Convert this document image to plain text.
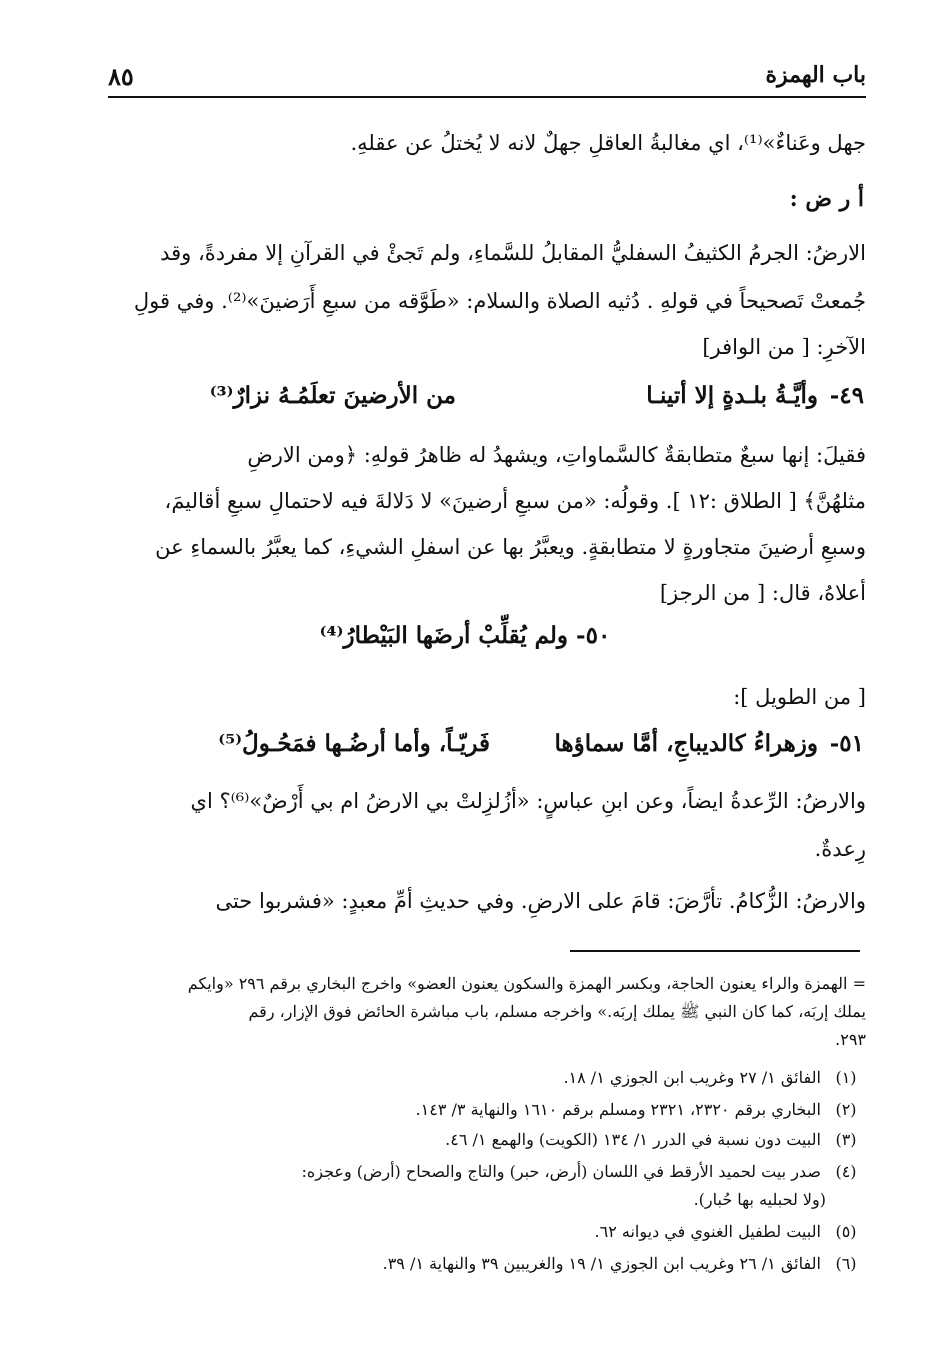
باب الهمزة
٨٥
جهل وعَناءٌ»⁽¹⁾، اي مغالبةُ العاقلِ جهلٌ لانه لا يُختلُ عن عقلهِ.
أ ر ض :
الارضُ: الجرمُ الكثيفُ السفليُّ المقابلُ للسَّماءِ، ولم تَجئْ في القرآنِ إلا مفردةً، وقد
جُمعتْ تَصحيحاً في قولهِ . دُثيه الصلاة والسلام: «طَوَّقه من سبعِ أَرَضينَ»⁽²⁾. وفي قولِ
الآخرِ: [ من الوافر]
٤٩-
وأيَّـةُ بلـدةٍ إلا أتينـا
من الأرضينَ تعلَمُـهُ نزارٌ⁽³⁾
فقيلَ: إنها سبعٌ متطابقةٌ كالسَّماواتِ، ويشهدُ له ظاهرُ قولهِ: ﴿ومن الارضِ
مثلهُنَّ﴾ [ الطلاق :١٢ ]. وقولُه: «من سبعِ أرضينَ» لا دَلالةَ فيه لاحتمالِ سبعِ أقاليمَ،
وسبعِ أرضينَ متجاورةٍ لا متطابقةٍ. ويعبَّرُ بها عن اسفلِ الشيءِ، كما يعبَّرُ بالسماءِ عن
أعلاهُ، قال: [ من الرجز]
٥٠- ولم يُقلِّبْ أرضَها البَيْطارُ⁽⁴⁾
[ من الطويل ]:
٥١-
وزهراءُ كالديباجِ، أمَّا سماؤها
فَريّـاً، وأما أرضُـها فمَحُـولُ⁽⁵⁾
والارضُ: الرِّعدةُ ايضاً، وعن ابنِ عباسٍ: «أزُلزِلتْ بي الارضُ ام بي أَرْضٌ»⁽⁶⁾؟ اي
رِعدةٌ.
والارضُ: الزُّكامُ. تأرَّضَ: قامَ على الارضِ. وفي حديثِ أمِّ معبدٍ: «فشربوا حتى
= الهمزة والراء يعنون الحاجة، وبكسر الهمزة والسكون يعنون العضو» واخرج البخاري برقم ٢٩٦ «وايكم
يملك إربَه، كما كان النبي ﷺ يملك إربَه.» واخرجه مسلم، باب مباشرة الحائض فوق الإزار، رقم
٢٩٣.
(١) الفائق ١/ ٢٧ وغريب ابن الجوزي ١/ ١٨.
(٢) البخاري برقم ٢٣٢٠، ٢٣٢١ ومسلم برقم ١٦١٠ والنهاية ٣/ ١٤٣.
(٣) البيت دون نسبة في الدرر ١/ ١٣٤ (الكويت) والهمع ١/ ٤٦.
(٤) صدر بيت لحميد الأرقط في اللسان (أرض، حبر) والتاج والصحاح (أرض) وعجزه:
(ولا لحبليه بها حُبار).
(٥) البيت لطفيل الغنوي في ديوانه ٦٢.
(٦) الفائق ١/ ٢٦ وغريب ابن الجوزي ١/ ١٩ والغريبين ٣٩ والنهاية ١/ ٣٩.
